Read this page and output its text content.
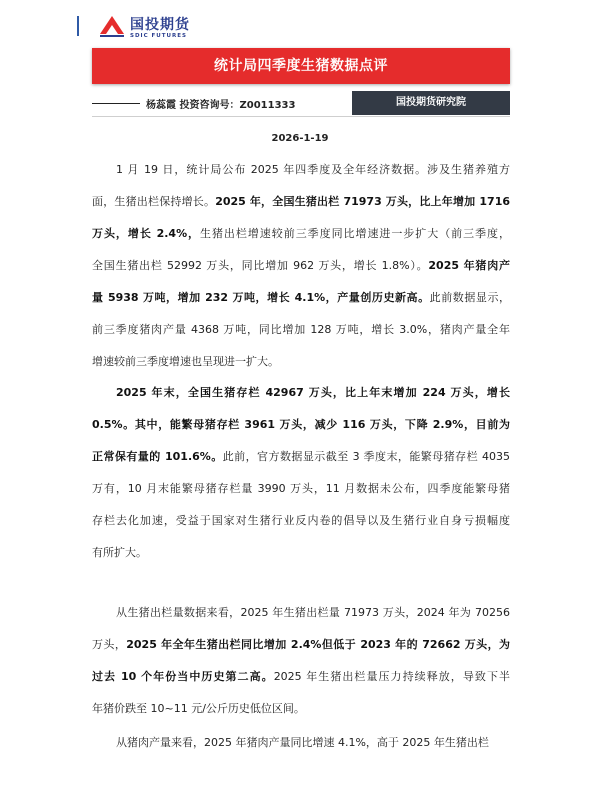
国投期货
SDIC FUTURES
统计局四季度生猪数据点评
杨蕊霞 投资咨询号：Z0011333	国投期货研究院
2026-1-19
1 月 19 日，统计局公布 2025 年四季度及全年经济数据。涉及生猪养殖方
面，生猪出栏保持增长。2025 年，全国生猪出栏 71973 万头，比上年增加 1716
万头，增长 2.4%，生猪出栏增速较前三季度同比增速进一步扩大（前三季度，
全国生猪出栏 52992 万头，同比增加 962 万头，增长 1.8%）。2025 年猪肉产
量 5938 万吨，增加 232 万吨，增长 4.1%，产量创历史新高。此前数据显示，
前三季度猪肉产量 4368 万吨，同比增加 128 万吨，增长 3.0%，猪肉产量全年
增速较前三季度增速也呈现进一扩大。
2025 年末，全国生猪存栏 42967 万头，比上年末增加 224 万头，增长
0.5%。其中，能繁母猪存栏 3961 万头，减少 116 万头，下降 2.9%，目前为
正常保有量的 101.6%。此前，官方数据显示截至 3 季度末，能繁母猪存栏 4035
万有，10 月末能繁母猪存栏量 3990 万头，11 月数据未公布，四季度能繁母猪
存栏去化加速，受益于国家对生猪行业反内卷的倡导以及生猪行业自身亏损幅度
有所扩大。
从生猪出栏量数据来看，2025 年生猪出栏量 71973 万头，2024 年为 70256
万头，2025 年全年生猪出栏同比增加 2.4%但低于 2023 年的 72662 万头，为
过去 10 个年份当中历史第二高。2025 年生猪出栏量压力持续释放，导致下半
年猪价跌至 10~11 元/公斤历史低位区间。
从猪肉产量来看，2025 年猪肉产量同比增速 4.1%，高于 2025 年生猪出栏
